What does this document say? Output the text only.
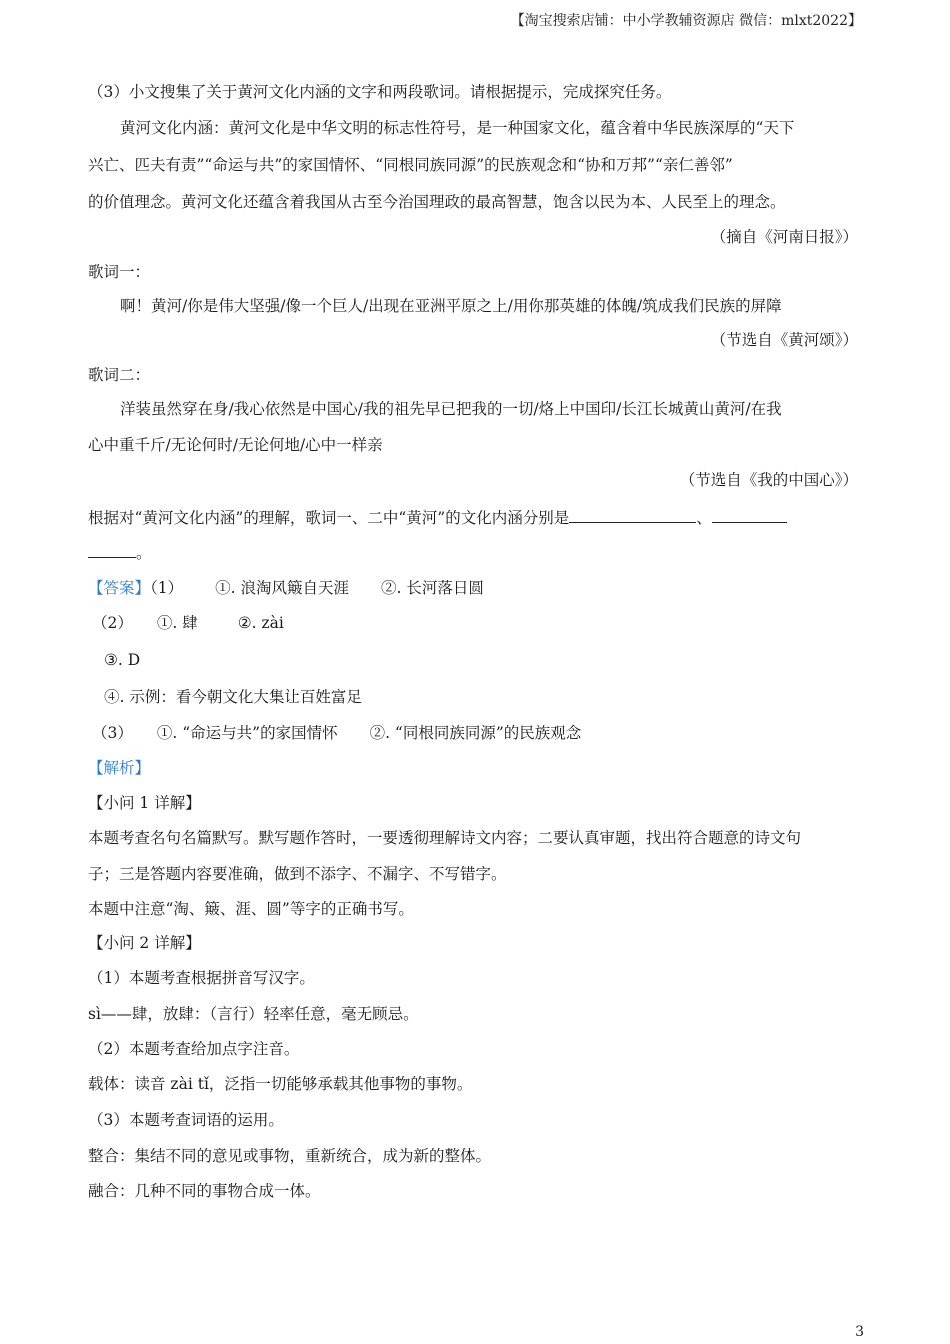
【淘宝搜索店铺：中小学教辅资源店 微信：mlxt2022】
（3）小文搜集了关于黄河文化内涵的文字和两段歌词。请根据提示，完成探究任务。
黄河文化内涵：黄河文化是中华文明的标志性符号，是一种国家文化，蕴含着中华民族深厚的“天下
兴亡、匹夫有责”“命运与共”的家国情怀、“同根同族同源”的民族观念和“协和万邦”“亲仁善邻”
的价值理念。黄河文化还蕴含着我国从古至今治国理政的最高智慧，饱含以民为本、人民至上的理念。
（摘自《河南日报》）
歌词一：
啊！黄河/你是伟大坚强/像一个巨人/出现在亚洲平原之上/用你那英雄的体魄/筑成我们民族的屏障
（节选自《黄河颂》）
歌词二：
洋装虽然穿在身/我心依然是中国心/我的祖先早已把我的一切/烙上中国印/长江长城黄山黄河/在我
心中重千斤/无论何时/无论何地/心中一样亲
（节选自《我的中国心》）
根据对“黄河文化内涵”的理解，歌词一、二中“黄河”的文化内涵分别是	、
。
【答案】（1） ①. 浪淘风簸自天涯 ②. 长河落日圆
（2） ①. 肆	②. zài
③. D
④. 示例：看今朝文化大集让百姓富足
（3） ①. “命运与共”的家国情怀 ②. “同根同族同源”的民族观念
【解析】
【小问 1 详解】
本题考查名句名篇默写。默写题作答时，一要透彻理解诗文内容；二要认真审题，找出符合题意的诗文句
子；三是答题内容要准确，做到不添字、不漏字、不写错字。
本题中注意“淘、簸、涯、圆”等字的正确书写。
【小问 2 详解】
（1）本题考查根据拼音写汉字。
sì——肆，放肆：（言行）轻率任意，毫无顾忌。
（2）本题考查给加点字注音。
载体：读音 zài tǐ，泛指一切能够承载其他事物的事物。
（3）本题考查词语的运用。
整合：集结不同的意见或事物，重新统合，成为新的整体。
融合：几种不同的事物合成一体。
3
